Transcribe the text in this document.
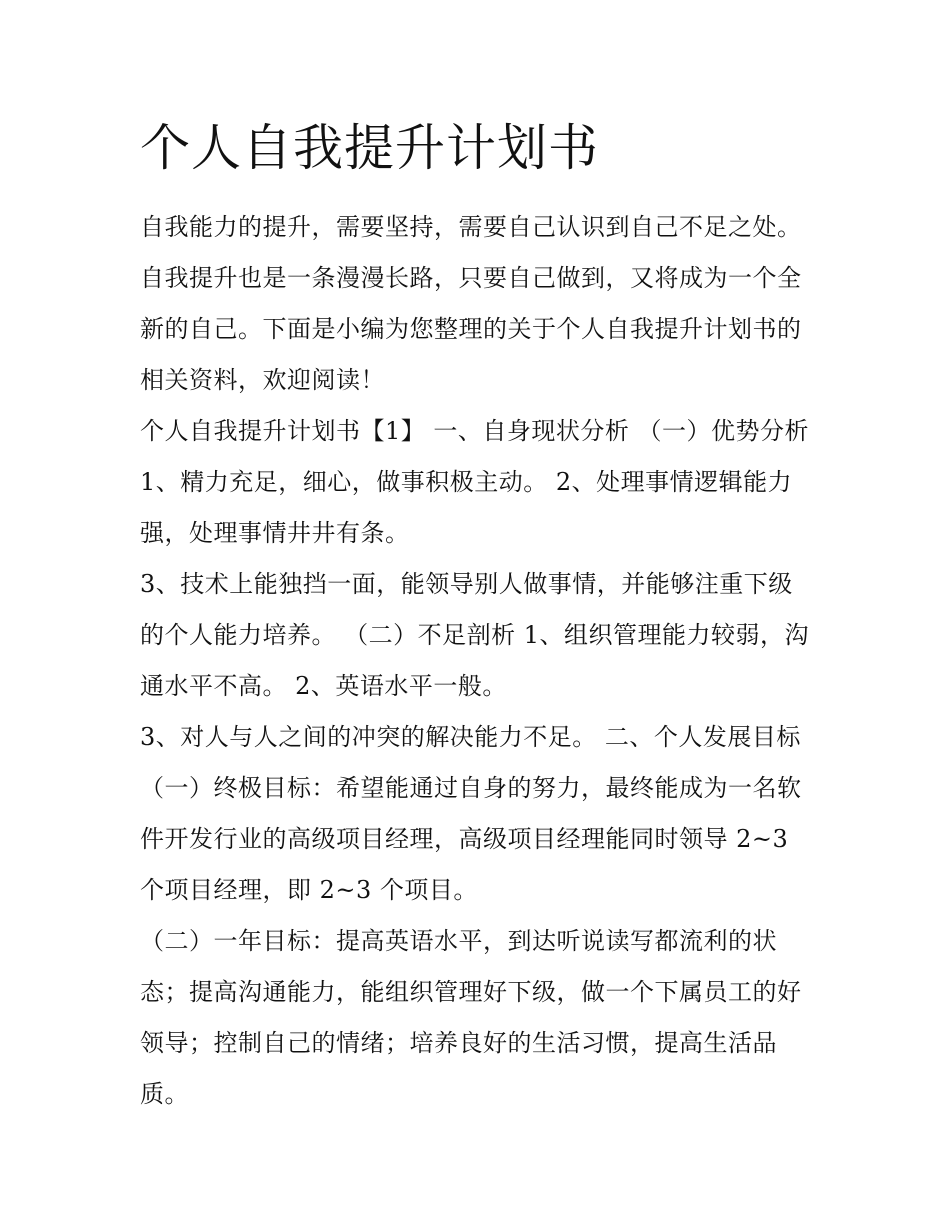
个人自我提升计划书

自我能力的提升，需要坚持，需要自己认识到自己不足之处。自我提升也是一条漫漫长路，只要自己做到，又将成为一个全新的自己。下面是小编为您整理的关于个人自我提升计划书的相关资料，欢迎阅读！

个人自我提升计划书【1】 一、自身现状分析 （一）优势分析 1、精力充足，细心，做事积极主动。 2、处理事情逻辑能力强，处理事情井井有条。

3、技术上能独挡一面，能领导别人做事情，并能够注重下级的个人能力培养。 （二）不足剖析 1、组织管理能力较弱，沟通水平不高。 2、英语水平一般。

3、对人与人之间的冲突的解决能力不足。 二、个人发展目标 （一）终极目标：希望能通过自身的努力，最终能成为一名软件开发行业的高级项目经理，高级项目经理能同时领导 2~3 个项目经理，即 2~3 个项目。

（二）一年目标：提高英语水平，到达听说读写都流利的状态；提高沟通能力，能组织管理好下级，做一个下属员工的好领导；控制自己的情绪；培养良好的生活习惯，提高生活品质。
